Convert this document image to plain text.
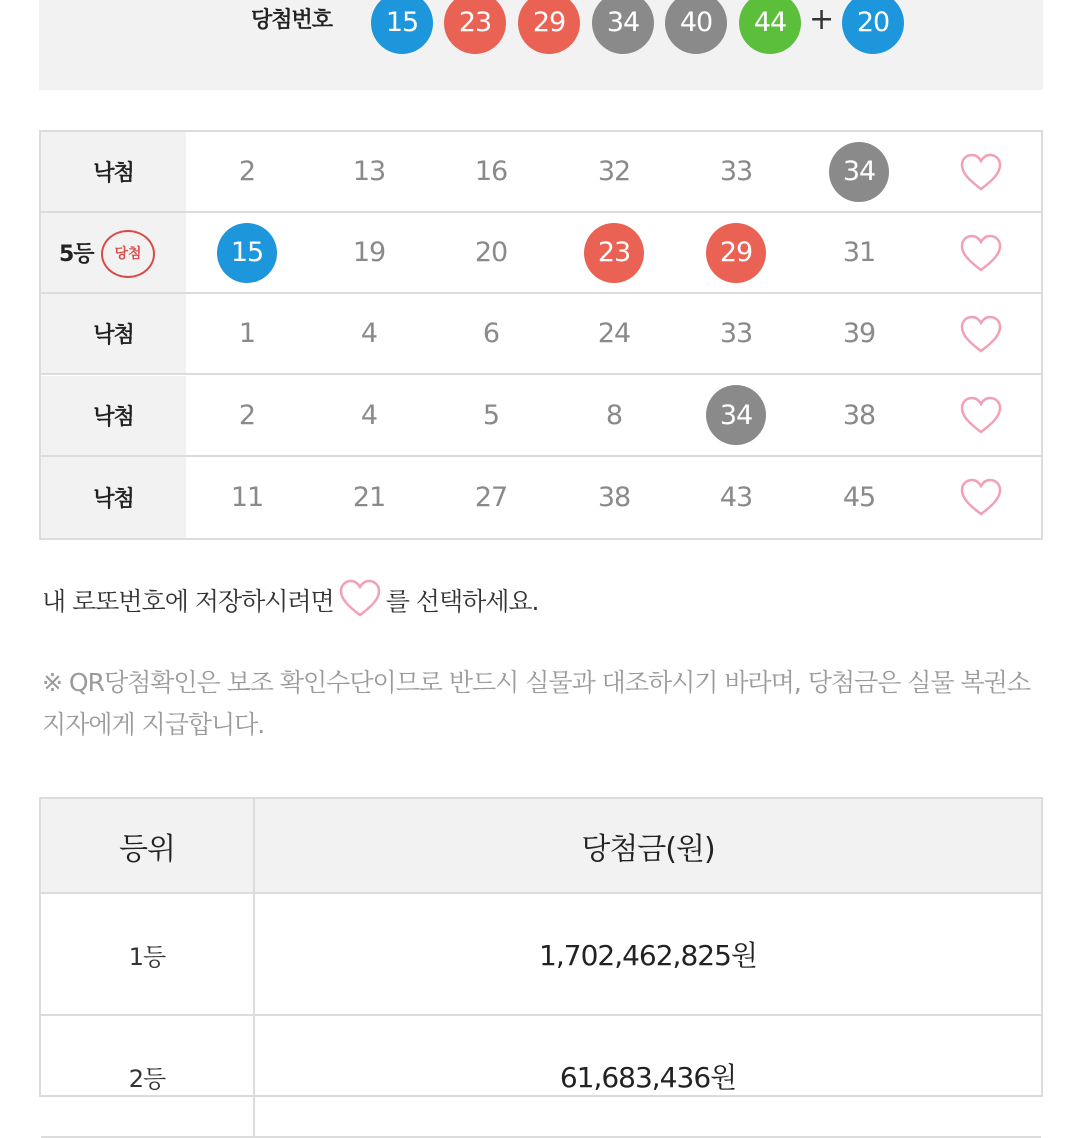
당첨번호	15	23	29	34	40	44 + 20
낙첨	2	13	16	32	33	34
5등	당첨	15	19	20	23	29	31
낙첨	1	4	6	24	33	39
낙첨	2	4	5	8	34	38
낙첨	11	21	27	38	43	45
내 로또번호에 저장하시려면 를 선택하세요.
※ QR당첨확인은 보조 확인수단이므로 반드시 실물과 대조하시기 바라며, 당첨금은 실물 복권소지자에게 지급합니다.
등위	당첨금(원)
1등	1,702,462,825원
2등	61,683,436원
